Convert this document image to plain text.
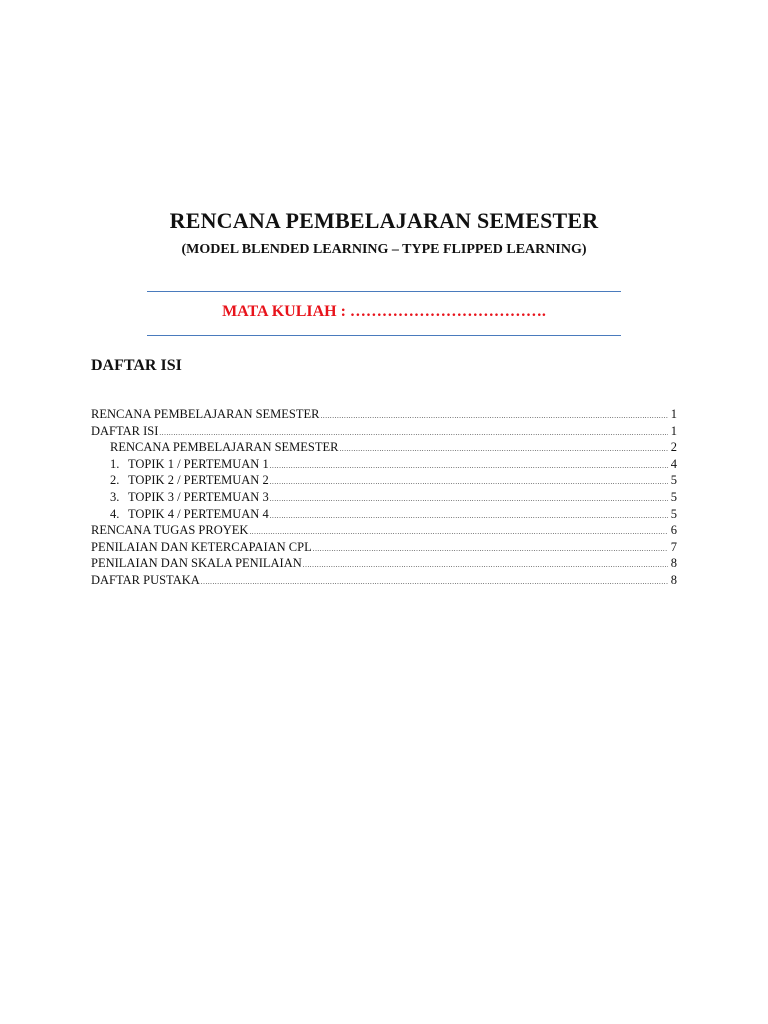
RENCANA PEMBELAJARAN SEMESTER
(MODEL BLENDED LEARNING – TYPE FLIPPED LEARNING)
MATA KULIAH : ……………………………….
DAFTAR ISI
RENCANA PEMBELAJARAN SEMESTER .....	1
DAFTAR ISI .....	1
RENCANA PEMBELAJARAN SEMESTER .....	2
1. TOPIK 1 / PERTEMUAN 1 .....	4
2. TOPIK 2 / PERTEMUAN 2 .....	5
3. TOPIK 3 / PERTEMUAN 3 .....	5
4. TOPIK 4 / PERTEMUAN 4 .....	5
RENCANA TUGAS PROYEK .....	6
PENILAIAN DAN KETERCAPAIAN CPL .....	7
PENILAIAN DAN SKALA PENILAIAN .....	8
DAFTAR PUSTAKA .....	8
